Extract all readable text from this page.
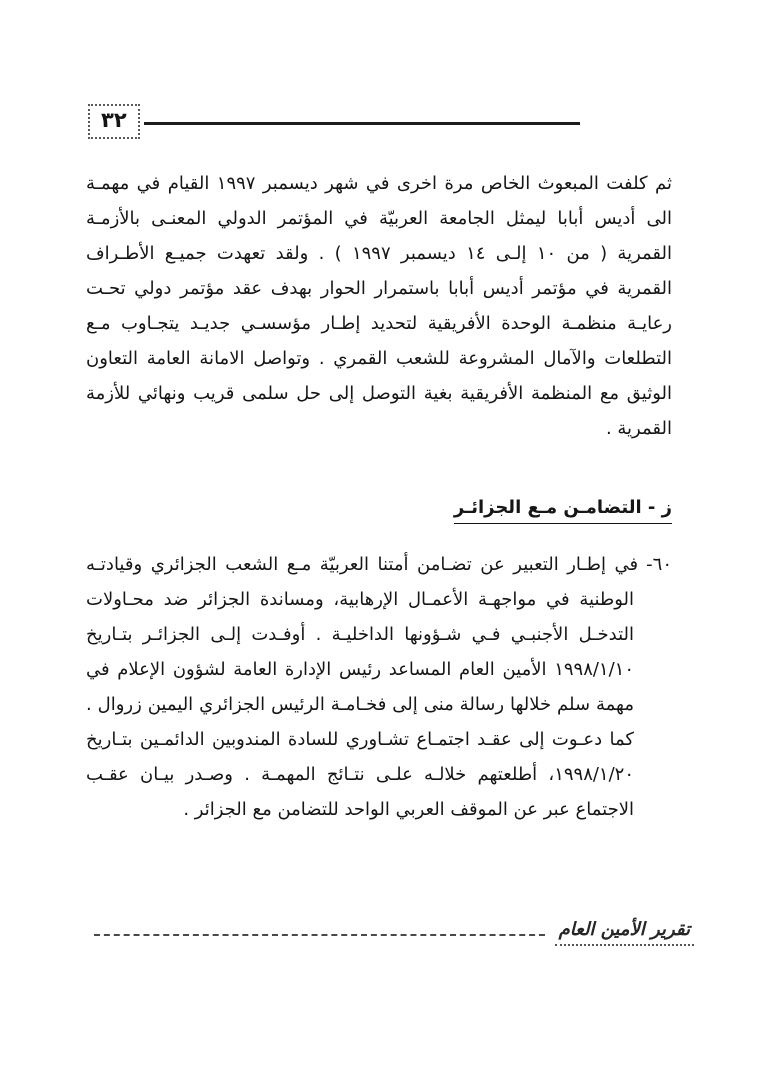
٣٢

ثم كلفت المبعوث الخاص مرة اخرى في شهر ديسمبر ١٩٩٧ القيام في مهمـة الى أديس أبابا ليمثل الجامعة العربيّة في المؤتمر الدولي المعنـى بالأزمـة القمرية ( من ١٠ إلـى ١٤ ديسمبر ١٩٩٧ ) . ولقد تعهدت جميـع الأطـراف القمرية في مؤتمر أديس أبابا باستمرار الحوار بهدف عقد مؤتمر دولي تحـت رعايـة منظمـة الوحدة الأفريقية لتحديد إطـار مؤسسـي جديـد يتجـاوب مـع التطلعات والآمال المشروعة للشعب القمري . وتواصل الامانة العامة التعاون الوثيق مع المنظمة الأفريقية بغية التوصل إلى حل سلمى قريب ونهائي للأزمة القمرية .

ز - التضامـن مـع الجزائـر

٦٠-في إطـار التعبير عن تضـامن أمتنا العربيّة مـع الشعب الجزائري وقيادتـه الوطنية في مواجهـة الأعمـال الإرهابية، ومساندة الجزائر ضد محـاولات التدخـل الأجنبـي فـي شـؤونها الداخليـة . أوفـدت إلـى الجزائـر بتـاريخ ١٩٩٨/١/١٠ الأمين العام المساعد رئيس الإدارة العامة لشؤون الإعلام في مهمة سلم خلالها رسالة منى إلى فخـامـة الرئيس الجزائري اليمين زروال . كما دعـوت إلى عقـد اجتمـاع تشـاوري للسادة المندوبين الدائمـين بتـاريخ ١٩٩٨/١/٢٠، أطلعتهم خلالـه علـى نتـائج المهمـة . وصـدر بيـان عقـب الاجتماع عبر عن الموقف العربي الواحد للتضامن مع الجزائر .

تقرير الأمين العام
